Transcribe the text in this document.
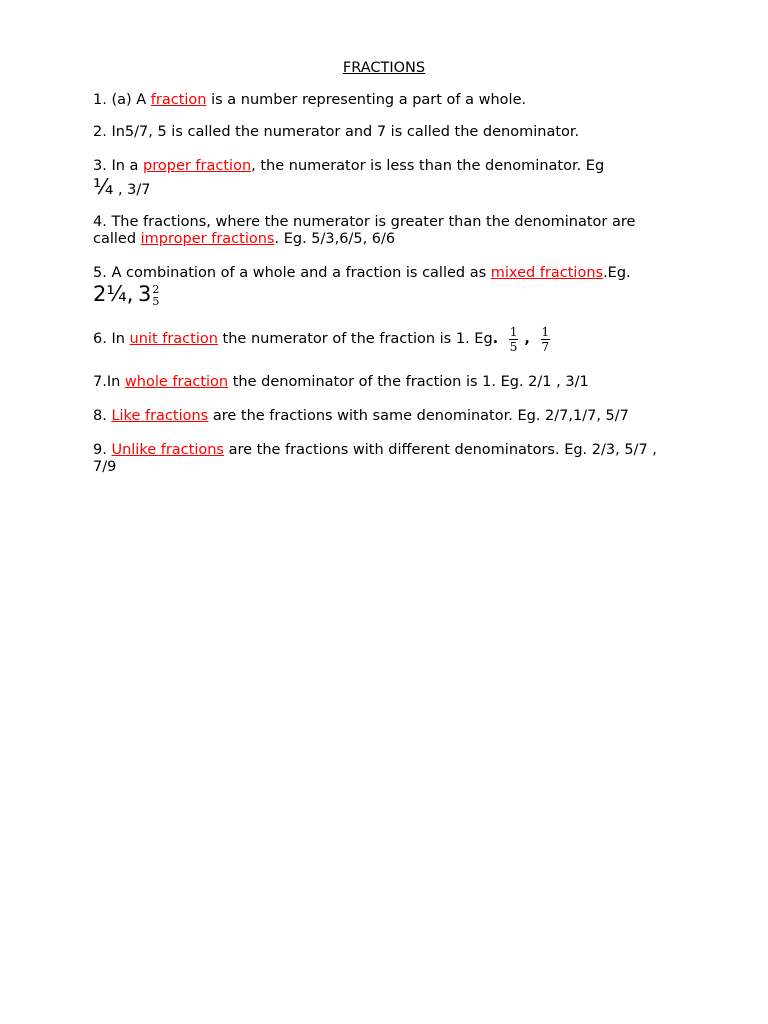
FRACTIONS
1. (a) A fraction is a number representing a part of a whole.
2. In5/7, 5 is called the numerator and 7 is called the denominator.
3. In a proper fraction, the numerator is less than the denominator. Eg
¼ , 3/7
4. The fractions, where the numerator is greater than the denominator are called improper fractions. Eg. 5/3,6/5, 6/6
5. A combination of a whole and a fraction is called as mixed fractions.Eg.
2¼, 3 2
5
6. In unit fraction the numerator of the fraction is 1. Eg. $\frac{1}{5}$ , $\frac{1}{7}$
7.In whole fraction the denominator of the fraction is 1. Eg. 2/1 , 3/1
8. Like fractions are the fractions with same denominator. Eg. 2/7,1/7, 5/7
9. Unlike fractions are the fractions with different denominators. Eg. 2/3, 5/7 , 7/9
